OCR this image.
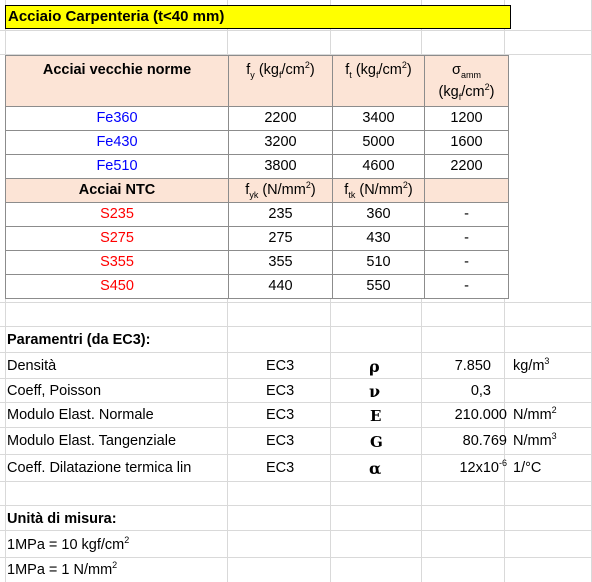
Acciaio Carpenteria (t<40 mm)
Acciai vecchie norme	$f_y$ $(kg_f/cm^2)$	$f_t$ $(kg_f/cm^2)$	$\sigma_{amm}$
$(kg_f/cm^2)$
Fe360	2200	3400	1200
Fe430	3200	5000	1600
Fe510	3800	4600	2200
Acciai NTC	$f_{yk}$ $(N/mm^2)$	$f_{tk}$ $(N/mm^2)$	
S235	235	360	-
S275	275	430	-
S355	355	510	-
S450	440	550	-
Paramentri (da EC3):
Densità	EC3	ρ	7.850 $kg/m^3$
Coeff, Poisson	EC3	ν	0,3
Modulo Elast. Normale	EC3	E	210.000 $N/mm^2$
Modulo Elast. Tangenziale	EC3	G	80.769 $N/mm^3$
Coeff. Dilatazione termica lin	EC3	α	$12x10^{-6}$ 1/°C
Unità di misura:
1MPa = 10 kgf/$cm^2$
1MPa = 1 $N/mm^2$
